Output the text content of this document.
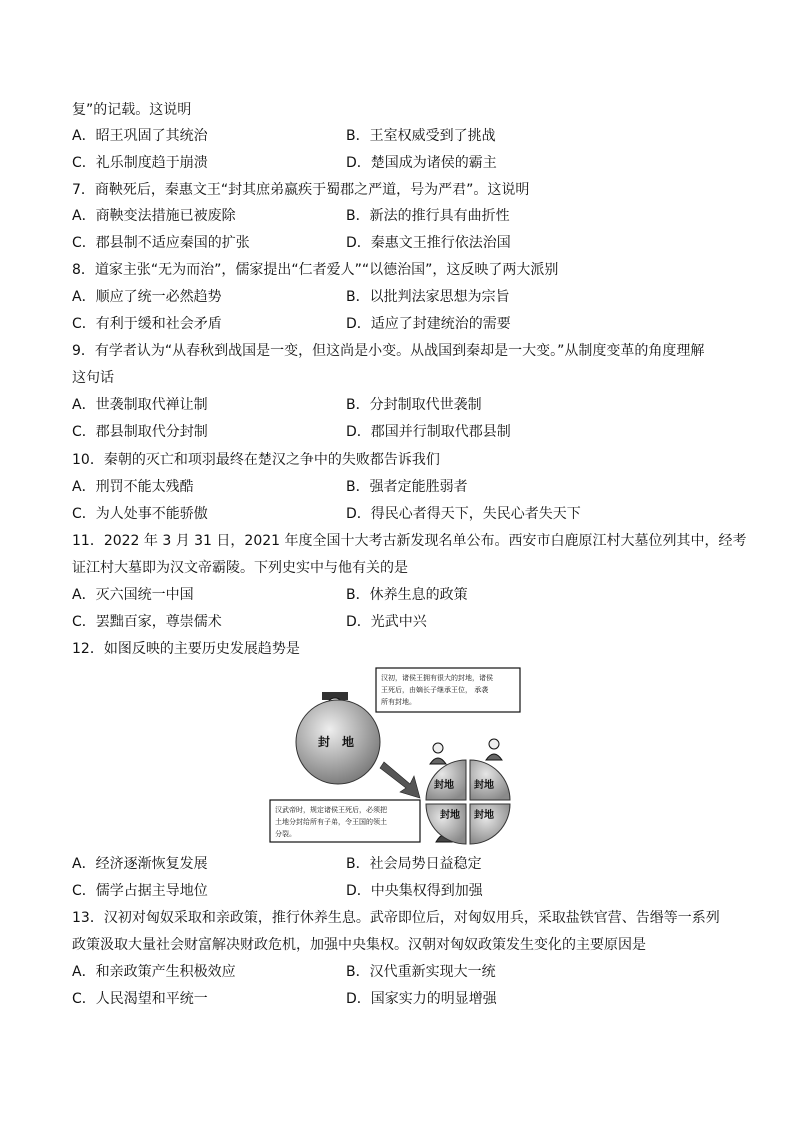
复”的记载。这说明
A．昭王巩固了其统治	B．王室权威受到了挑战
C．礼乐制度趋于崩溃	D．楚国成为诸侯的霸主
7．商鞅死后，秦惠文王“封其庶弟嬴疾于蜀郡之严道，号为严君”。这说明
A．商鞅变法措施已被废除	B．新法的推行具有曲折性
C．郡县制不适应秦国的扩张	D．秦惠文王推行依法治国
8．道家主张“无为而治”，儒家提出“仁者爱人”“以德治国”，这反映了两大派别
A．顺应了统一必然趋势	B．以批判法家思想为宗旨
C．有利于缓和社会矛盾	D．适应了封建统治的需要
9．有学者认为“从春秋到战国是一变，但这尚是小变。从战国到秦却是一大变。”从制度变革的角度理解
这句话
A．世袭制取代禅让制	B．分封制取代世袭制
C．郡县制取代分封制	D．郡国并行制取代郡县制
10．秦朝的灭亡和项羽最终在楚汉之争中的失败都告诉我们
A．刑罚不能太残酷	B．强者定能胜弱者
C．为人处事不能骄傲	D．得民心者得天下，失民心者失天下
11．2022 年 3 月 31 日，2021 年度全国十大考古新发现名单公布。西安市白鹿原江村大墓位列其中，经考
证江村大墓即为汉文帝霸陵。下列史实中与他有关的是
A．灭六国统一中国	B．休养生息的政策
C．罢黜百家，尊崇儒术	D．光武中兴
12．如图反映的主要历史发展趋势是
汉初，诸侯王拥有很大的封地，诸侯
王死后，由嫡长子继承王位， 承袭
所有封地。
封　地
封地 封地
封地 封地
汉武帝时，规定诸侯王死后，必须把
土地分封给所有子弟，令王国的领土
分裂。
A．经济逐渐恢复发展	B．社会局势日益稳定
C．儒学占据主导地位	D．中央集权得到加强
13．汉初对匈奴采取和亲政策，推行休养生息。武帝即位后，对匈奴用兵，采取盐铁官营、告缗等一系列
政策汲取大量社会财富解决财政危机，加强中央集权。汉朝对匈奴政策发生变化的主要原因是
A．和亲政策产生积极效应	B．汉代重新实现大一统
C．人民渴望和平统一	D．国家实力的明显增强
